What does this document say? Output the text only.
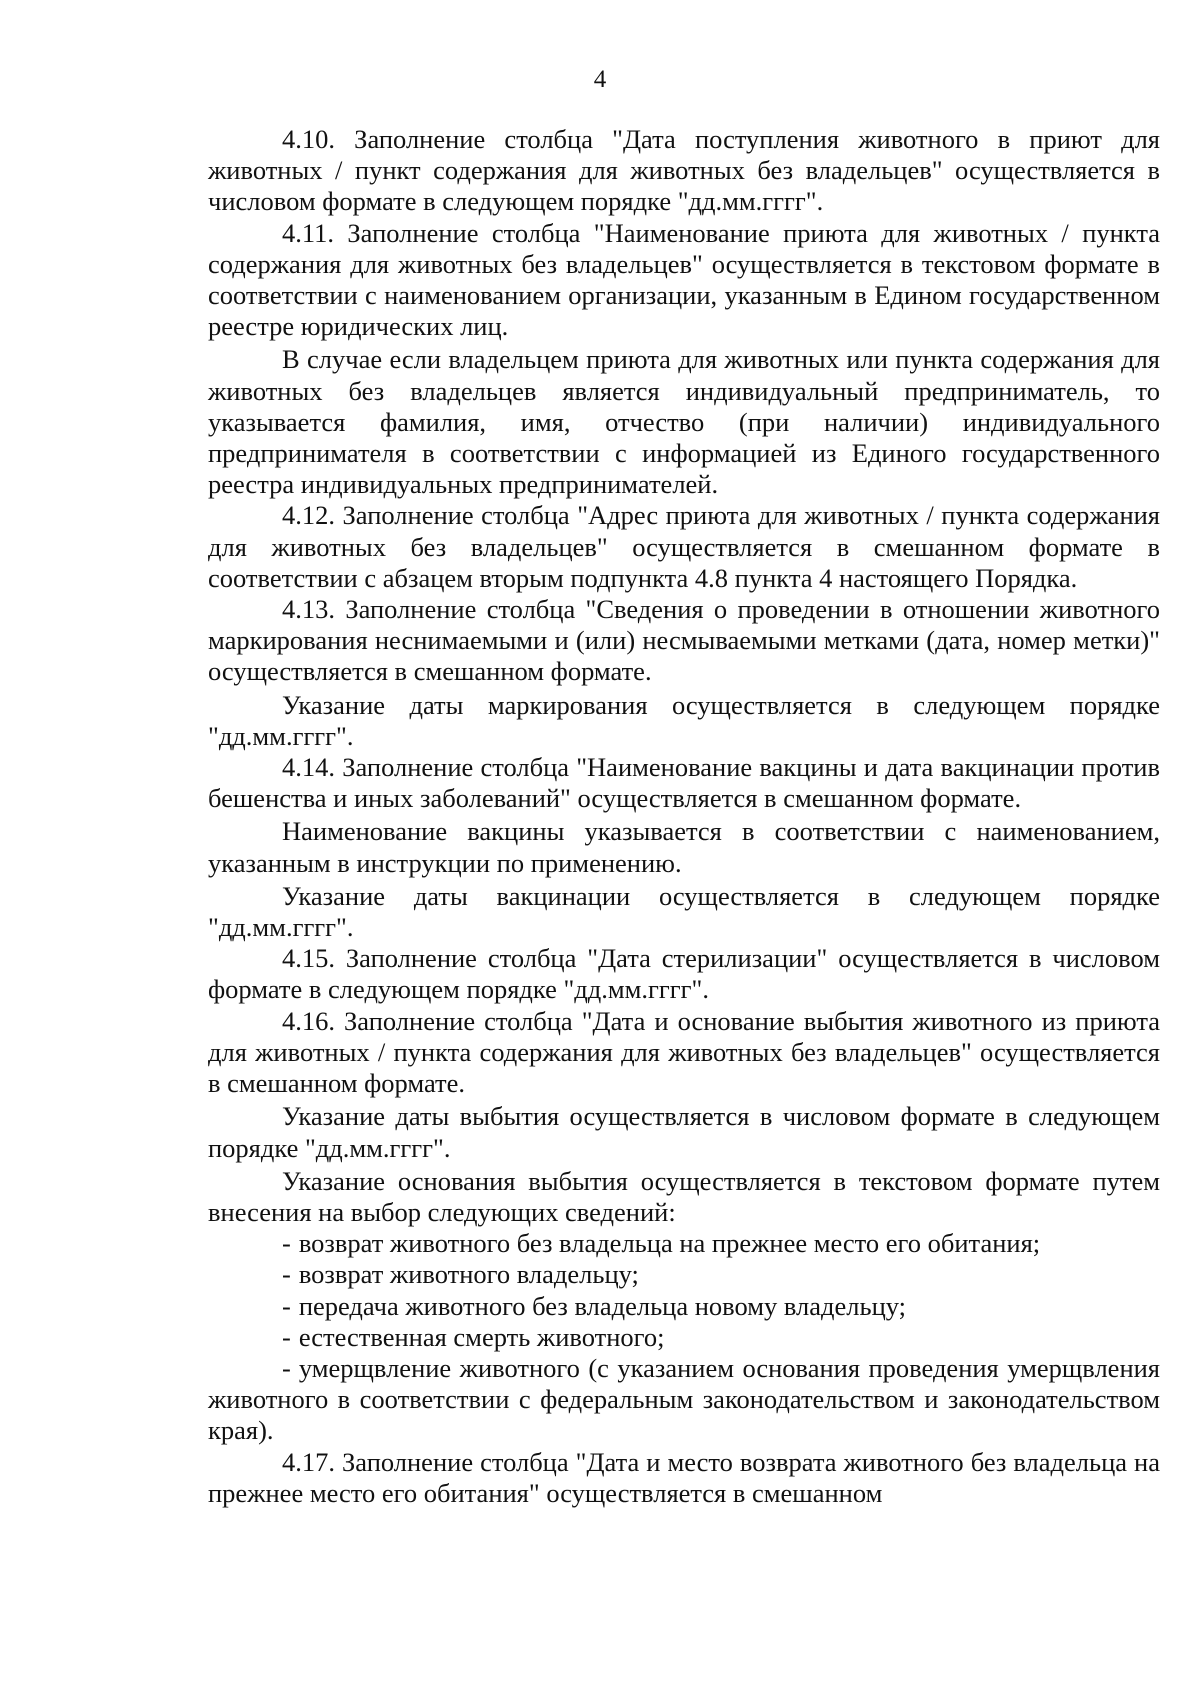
4

4.10. Заполнение столбца "Дата поступления животного в приют для животных / пункт содержания для животных без владельцев" осуществляется в числовом формате в следующем порядке "дд.мм.гггг".

4.11. Заполнение столбца "Наименование приюта для животных / пункта содержания для животных без владельцев" осуществляется в текстовом формате в соответствии с наименованием организации, указанным в Едином государственном реестре юридических лиц.

В случае если владельцем приюта для животных или пункта содержания для животных без владельцев является индивидуальный предприниматель, то указывается фамилия, имя, отчество (при наличии) индивидуального предпринимателя в соответствии с информацией из Единого государственного реестра индивидуальных предпринимателей.

4.12. Заполнение столбца "Адрес приюта для животных / пункта содержания для животных без владельцев" осуществляется в смешанном формате в соответствии с абзацем вторым подпункта 4.8 пункта 4 настоящего Порядка.

4.13. Заполнение столбца "Сведения о проведении в отношении животного маркирования неснимаемыми и (или) несмываемыми метками (дата, номер метки)" осуществляется в смешанном формате.

Указание даты маркирования осуществляется в следующем порядке "дд.мм.гггг".

4.14. Заполнение столбца "Наименование вакцины и дата вакцинации против бешенства и иных заболеваний" осуществляется в смешанном формате.

Наименование вакцины указывается в соответствии с наименованием, указанным в инструкции по применению.

Указание даты вакцинации осуществляется в следующем порядке "дд.мм.гггг".

4.15. Заполнение столбца "Дата стерилизации" осуществляется в числовом формате в следующем порядке "дд.мм.гггг".

4.16. Заполнение столбца "Дата и основание выбытия животного из приюта для животных / пункта содержания для животных без владельцев" осуществляется в смешанном формате.

Указание даты выбытия осуществляется в числовом формате в следующем порядке "дд.мм.гггг".

Указание основания выбытия осуществляется в текстовом формате путем внесения на выбор следующих сведений:

- возврат животного без владельца на прежнее место его обитания;
- возврат животного владельцу;
- передача животного без владельца новому владельцу;
- естественная смерть животного;
- умерщвление животного (с указанием основания проведения умерщвления животного в соответствии с федеральным законодательством и законодательством края).

4.17. Заполнение столбца "Дата и место возврата животного без владельца на прежнее место его обитания" осуществляется в смешанном
